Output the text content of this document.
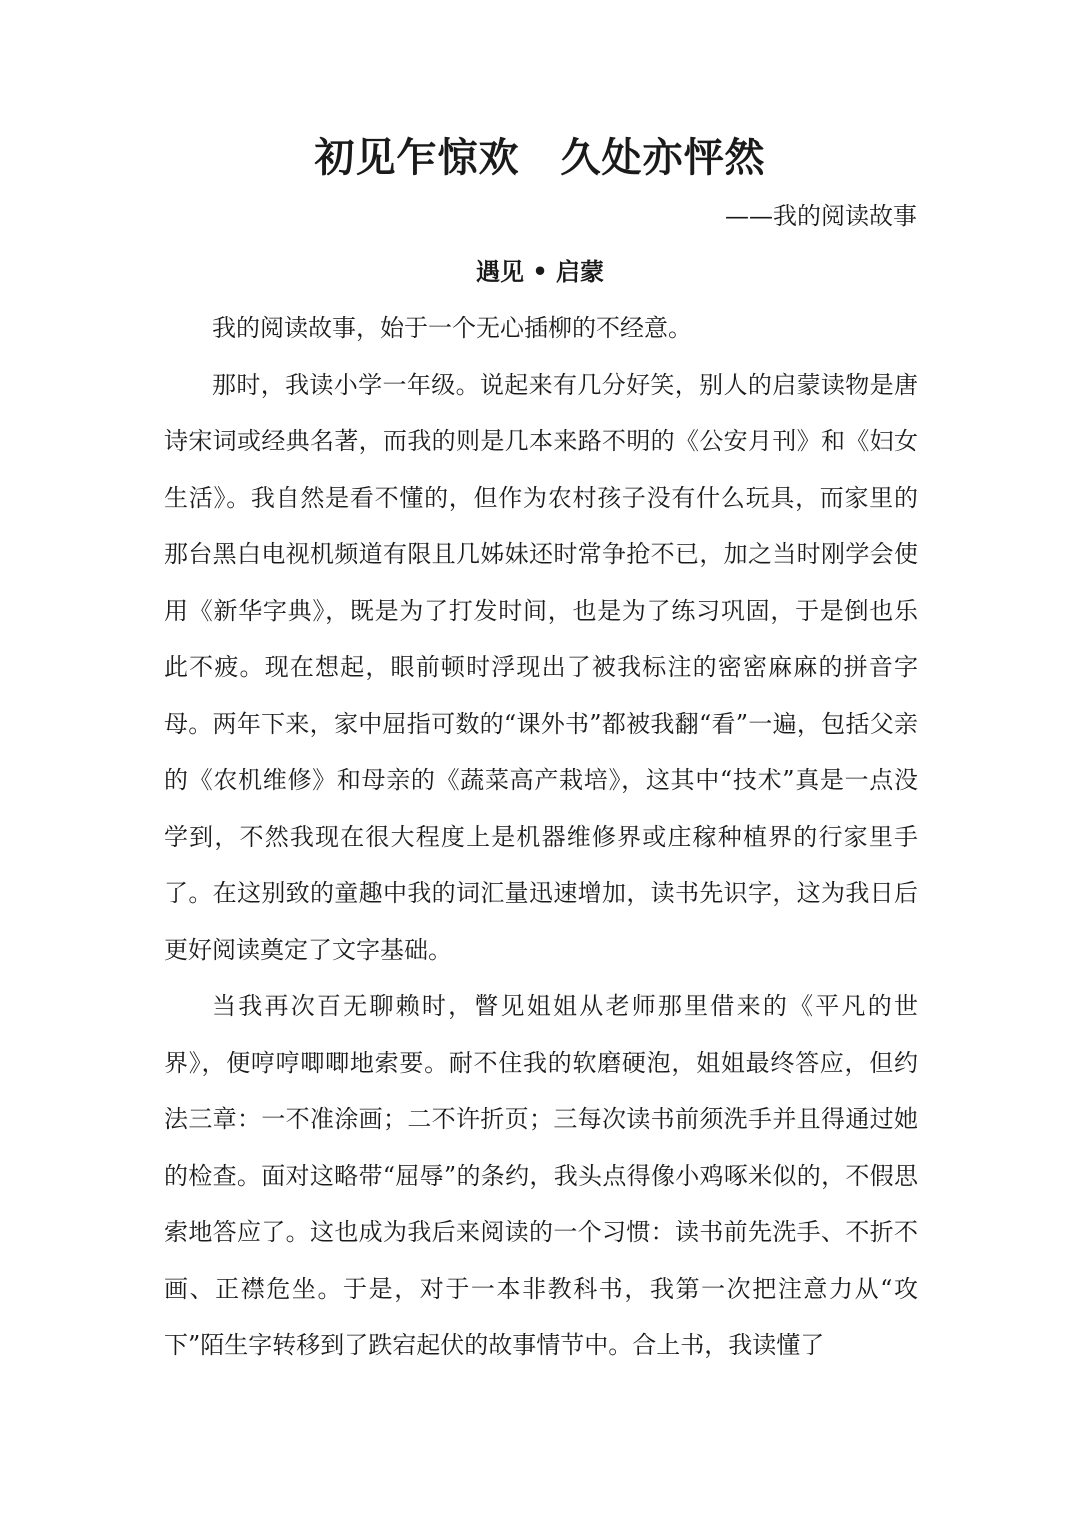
初见乍惊欢　久处亦怦然
——我的阅读故事
遇见 • 启蒙

我的阅读故事，始于一个无心插柳的不经意。

那时，我读小学一年级。说起来有几分好笑，别人的启蒙读物是唐诗宋词或经典名著，而我的则是几本来路不明的《公安月刊》和《妇女生活》。我自然是看不懂的，但作为农村孩子没有什么玩具，而家里的那台黑白电视机频道有限且几姊妹还时常争抢不已，加之当时刚学会使用《新华字典》，既是为了打发时间，也是为了练习巩固，于是倒也乐此不疲。现在想起，眼前顿时浮现出了被我标注的密密麻麻的拼音字母。两年下来，家中屈指可数的“课外书”都被我翻“看”一遍，包括父亲的《农机维修》和母亲的《蔬菜高产栽培》，这其中“技术”真是一点没学到，不然我现在很大程度上是机器维修界或庄稼种植界的行家里手了。在这别致的童趣中我的词汇量迅速增加，读书先识字，这为我日后更好阅读奠定了文字基础。

当我再次百无聊赖时，瞥见姐姐从老师那里借来的《平凡的世界》，便哼哼唧唧地索要。耐不住我的软磨硬泡，姐姐最终答应，但约法三章：一不准涂画；二不许折页；三每次读书前须洗手并且得通过她的检查。面对这略带“屈辱”的条约，我头点得像小鸡啄米似的，不假思索地答应了。这也成为我后来阅读的一个习惯：读书前先洗手、不折不画、正襟危坐。于是，对于一本非教科书，我第一次把注意力从“攻下”陌生字转移到了跌宕起伏的故事情节中。合上书，我读懂了
